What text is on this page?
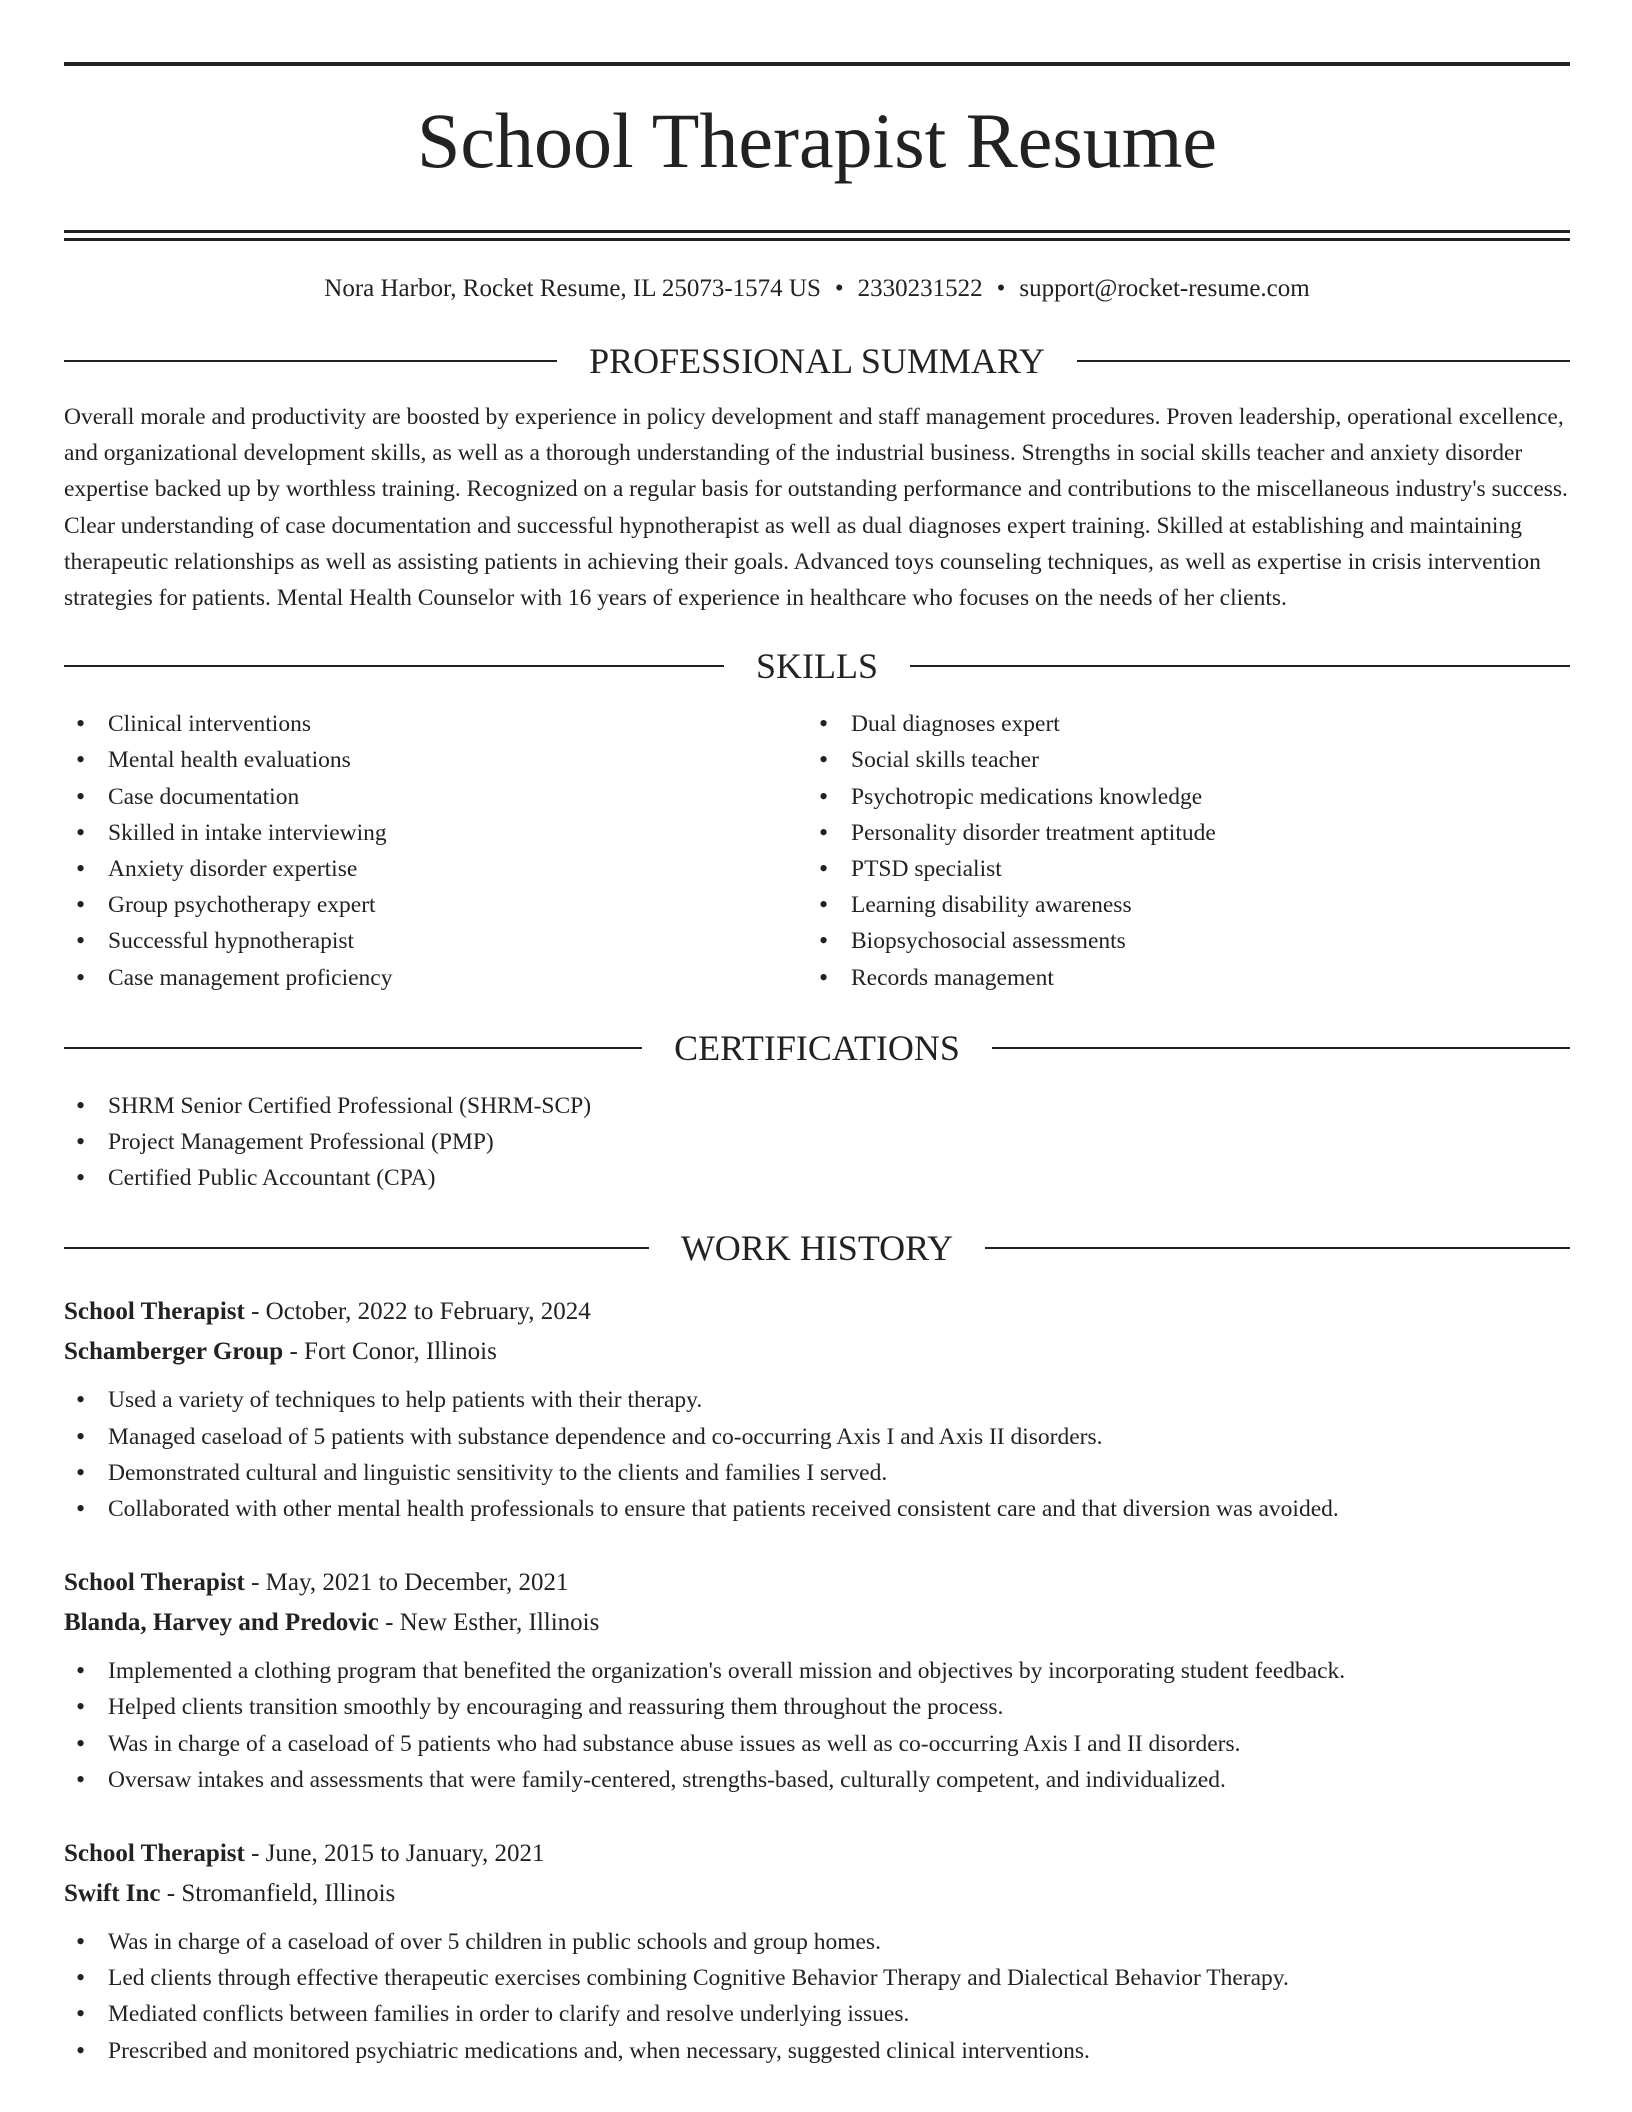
School Therapist Resume
Nora Harbor, Rocket Resume, IL 25073-1574 US • 2330231522 • support@rocket-resume.com
PROFESSIONAL SUMMARY
Overall morale and productivity are boosted by experience in policy development and staff management procedures. Proven leadership, operational excellence, and organizational development skills, as well as a thorough understanding of the industrial business. Strengths in social skills teacher and anxiety disorder expertise backed up by worthless training. Recognized on a regular basis for outstanding performance and contributions to the miscellaneous industry's success. Clear understanding of case documentation and successful hypnotherapist as well as dual diagnoses expert training. Skilled at establishing and maintaining therapeutic relationships as well as assisting patients in achieving their goals. Advanced toys counseling techniques, as well as expertise in crisis intervention strategies for patients. Mental Health Counselor with 16 years of experience in healthcare who focuses on the needs of her clients.
SKILLS
• Clinical interventions
• Mental health evaluations
• Case documentation
• Skilled in intake interviewing
• Anxiety disorder expertise
• Group psychotherapy expert
• Successful hypnotherapist
• Case management proficiency
• Dual diagnoses expert
• Social skills teacher
• Psychotropic medications knowledge
• Personality disorder treatment aptitude
• PTSD specialist
• Learning disability awareness
• Biopsychosocial assessments
• Records management
CERTIFICATIONS
• SHRM Senior Certified Professional (SHRM-SCP)
• Project Management Professional (PMP)
• Certified Public Accountant (CPA)
WORK HISTORY
School Therapist - October, 2022 to February, 2024
Schamberger Group - Fort Conor, Illinois
• Used a variety of techniques to help patients with their therapy.
• Managed caseload of 5 patients with substance dependence and co-occurring Axis I and Axis II disorders.
• Demonstrated cultural and linguistic sensitivity to the clients and families I served.
• Collaborated with other mental health professionals to ensure that patients received consistent care and that diversion was avoided.
School Therapist - May, 2021 to December, 2021
Blanda, Harvey and Predovic - New Esther, Illinois
• Implemented a clothing program that benefited the organization's overall mission and objectives by incorporating student feedback.
• Helped clients transition smoothly by encouraging and reassuring them throughout the process.
• Was in charge of a caseload of 5 patients who had substance abuse issues as well as co-occurring Axis I and II disorders.
• Oversaw intakes and assessments that were family-centered, strengths-based, culturally competent, and individualized.
School Therapist - June, 2015 to January, 2021
Swift Inc - Stromanfield, Illinois
• Was in charge of a caseload of over 5 children in public schools and group homes.
• Led clients through effective therapeutic exercises combining Cognitive Behavior Therapy and Dialectical Behavior Therapy.
• Mediated conflicts between families in order to clarify and resolve underlying issues.
• Prescribed and monitored psychiatric medications and, when necessary, suggested clinical interventions.
